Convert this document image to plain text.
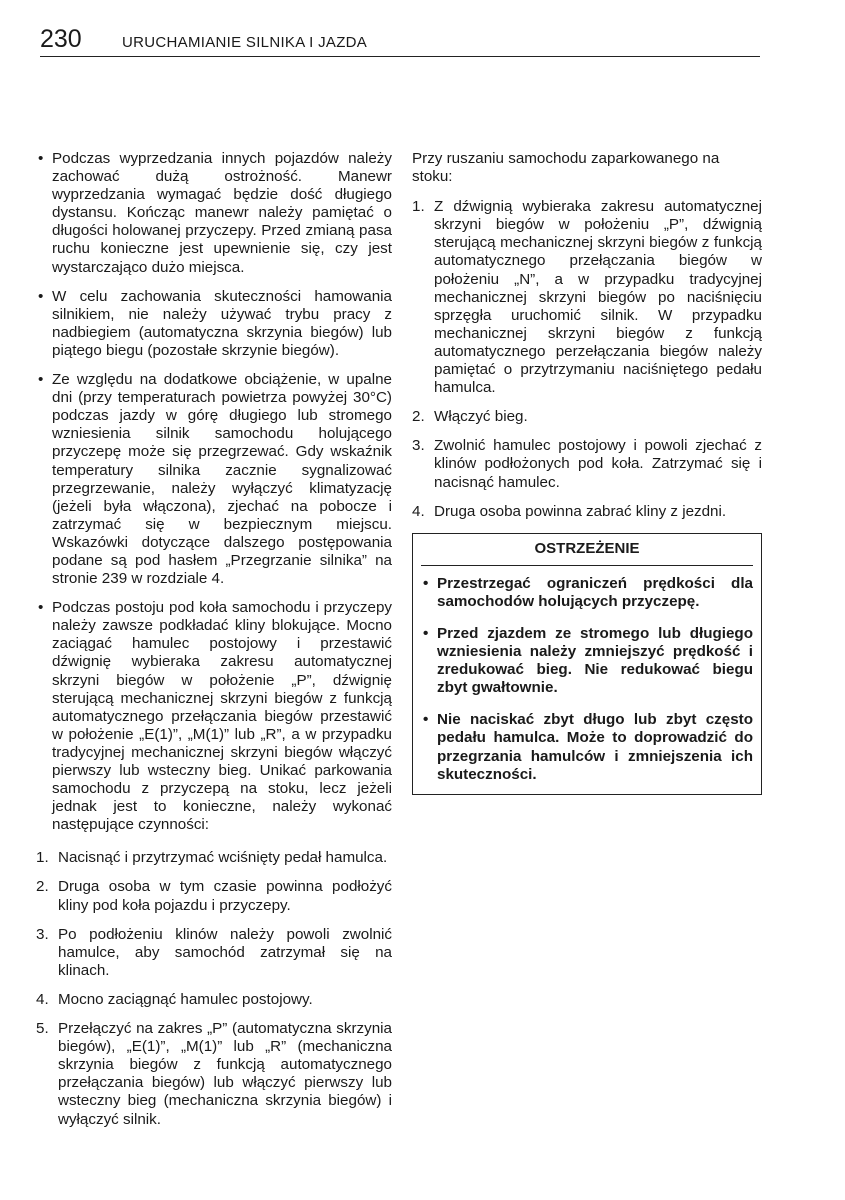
230	URUCHAMIANIE SILNIKA I JAZDA

• Podczas wyprzedzania innych pojazdów należy zachować dużą ostrożność. Manewr wyprzedzania wymagać będzie dość długiego dystansu. Kończąc manewr należy pamiętać o długości holowanej przyczepy. Przed zmianą pasa ruchu konieczne jest upewnienie się, czy jest wystarczająco dużo miejsca.

• W celu zachowania skuteczności hamowania silnikiem, nie należy używać trybu pracy z nadbiegiem (automatyczna skrzynia biegów) lub piątego biegu (pozostałe skrzynie biegów).

• Ze względu na dodatkowe obciążenie, w upalne dni (przy temperaturach powietrza powyżej 30°C) podczas jazdy w górę długiego lub stromego wzniesienia silnik samochodu holującego przyczepę może się przegrzewać. Gdy wskaźnik temperatury silnika zacznie sygnalizować przegrzewanie, należy wyłączyć klimatyzację (jeżeli była włączona), zjechać na pobocze i zatrzymać się w bezpiecznym miejscu. Wskazówki dotyczące dalszego postępowania podane są pod hasłem „Przegrzanie silnika” na stronie 239 w rozdziale 4.

• Podczas postoju pod koła samochodu i przyczepy należy zawsze podkładać kliny blokujące. Mocno zaciągać hamulec postojowy i przestawić dźwignię wybieraka zakresu automatycznej skrzyni biegów w położenie „P”, dźwignię sterującą mechanicznej skrzyni biegów z funkcją automatycznego przełączania biegów przestawić w położenie „E(1)”, „M(1)” lub „R”, a w przypadku tradycyjnej mechanicznej skrzyni biegów włączyć pierwszy lub wsteczny bieg. Unikać parkowania samochodu z przyczepą na stoku, lecz jeżeli jednak jest to konieczne, należy wykonać następujące czynności:

1. Nacisnąć i przytrzymać wciśnięty pedał hamulca.
2. Druga osoba w tym czasie powinna podłożyć kliny pod koła pojazdu i przyczepy.
3. Po podłożeniu klinów należy powoli zwolnić hamulce, aby samochód zatrzymał się na klinach.
4. Mocno zaciągnąć hamulec postojowy.
5. Przełączyć na zakres „P” (automatyczna skrzynia biegów), „E(1)”, „M(1)” lub „R” (mechaniczna skrzynia biegów z funkcją automatycznego przełączania biegów) lub włączyć pierwszy lub wsteczny bieg (mechaniczna skrzynia biegów) i wyłączyć silnik.

Przy ruszaniu samochodu zaparkowanego na stoku:

1. Z dźwignią wybieraka zakresu automatycznej skrzyni biegów w położeniu „P”, dźwignią sterującą mechanicznej skrzyni biegów z funkcją automatycznego przełączania biegów w położeniu „N”, a w przypadku tradycyjnej mechanicznej skrzyni biegów po naciśnięciu sprzęgła uruchomić silnik. W przypadku mechanicznej skrzyni biegów z funkcją automatycznego perzełączania biegów należy pamiętać o przytrzymaniu naciśniętego pedału hamulca.
2. Włączyć bieg.
3. Zwolnić hamulec postojowy i powoli zjechać z klinów podłożonych pod koła. Zatrzymać się i nacisnąć hamulec.
4. Druga osoba powinna zabrać kliny z jezdni.
OSTRZEŻENIE

• Przestrzegać ograniczeń prędkości dla samochodów holujących przyczepę.

• Przed zjazdem ze stromego lub długiego wzniesienia należy zmniejszyć prędkość i zredukować bieg. Nie redukować biegu zbyt gwałtownie.

• Nie naciskać zbyt długo lub zbyt często pedału hamulca. Może to doprowadzić do przegrzania hamulców i zmniejszenia ich skuteczności.
